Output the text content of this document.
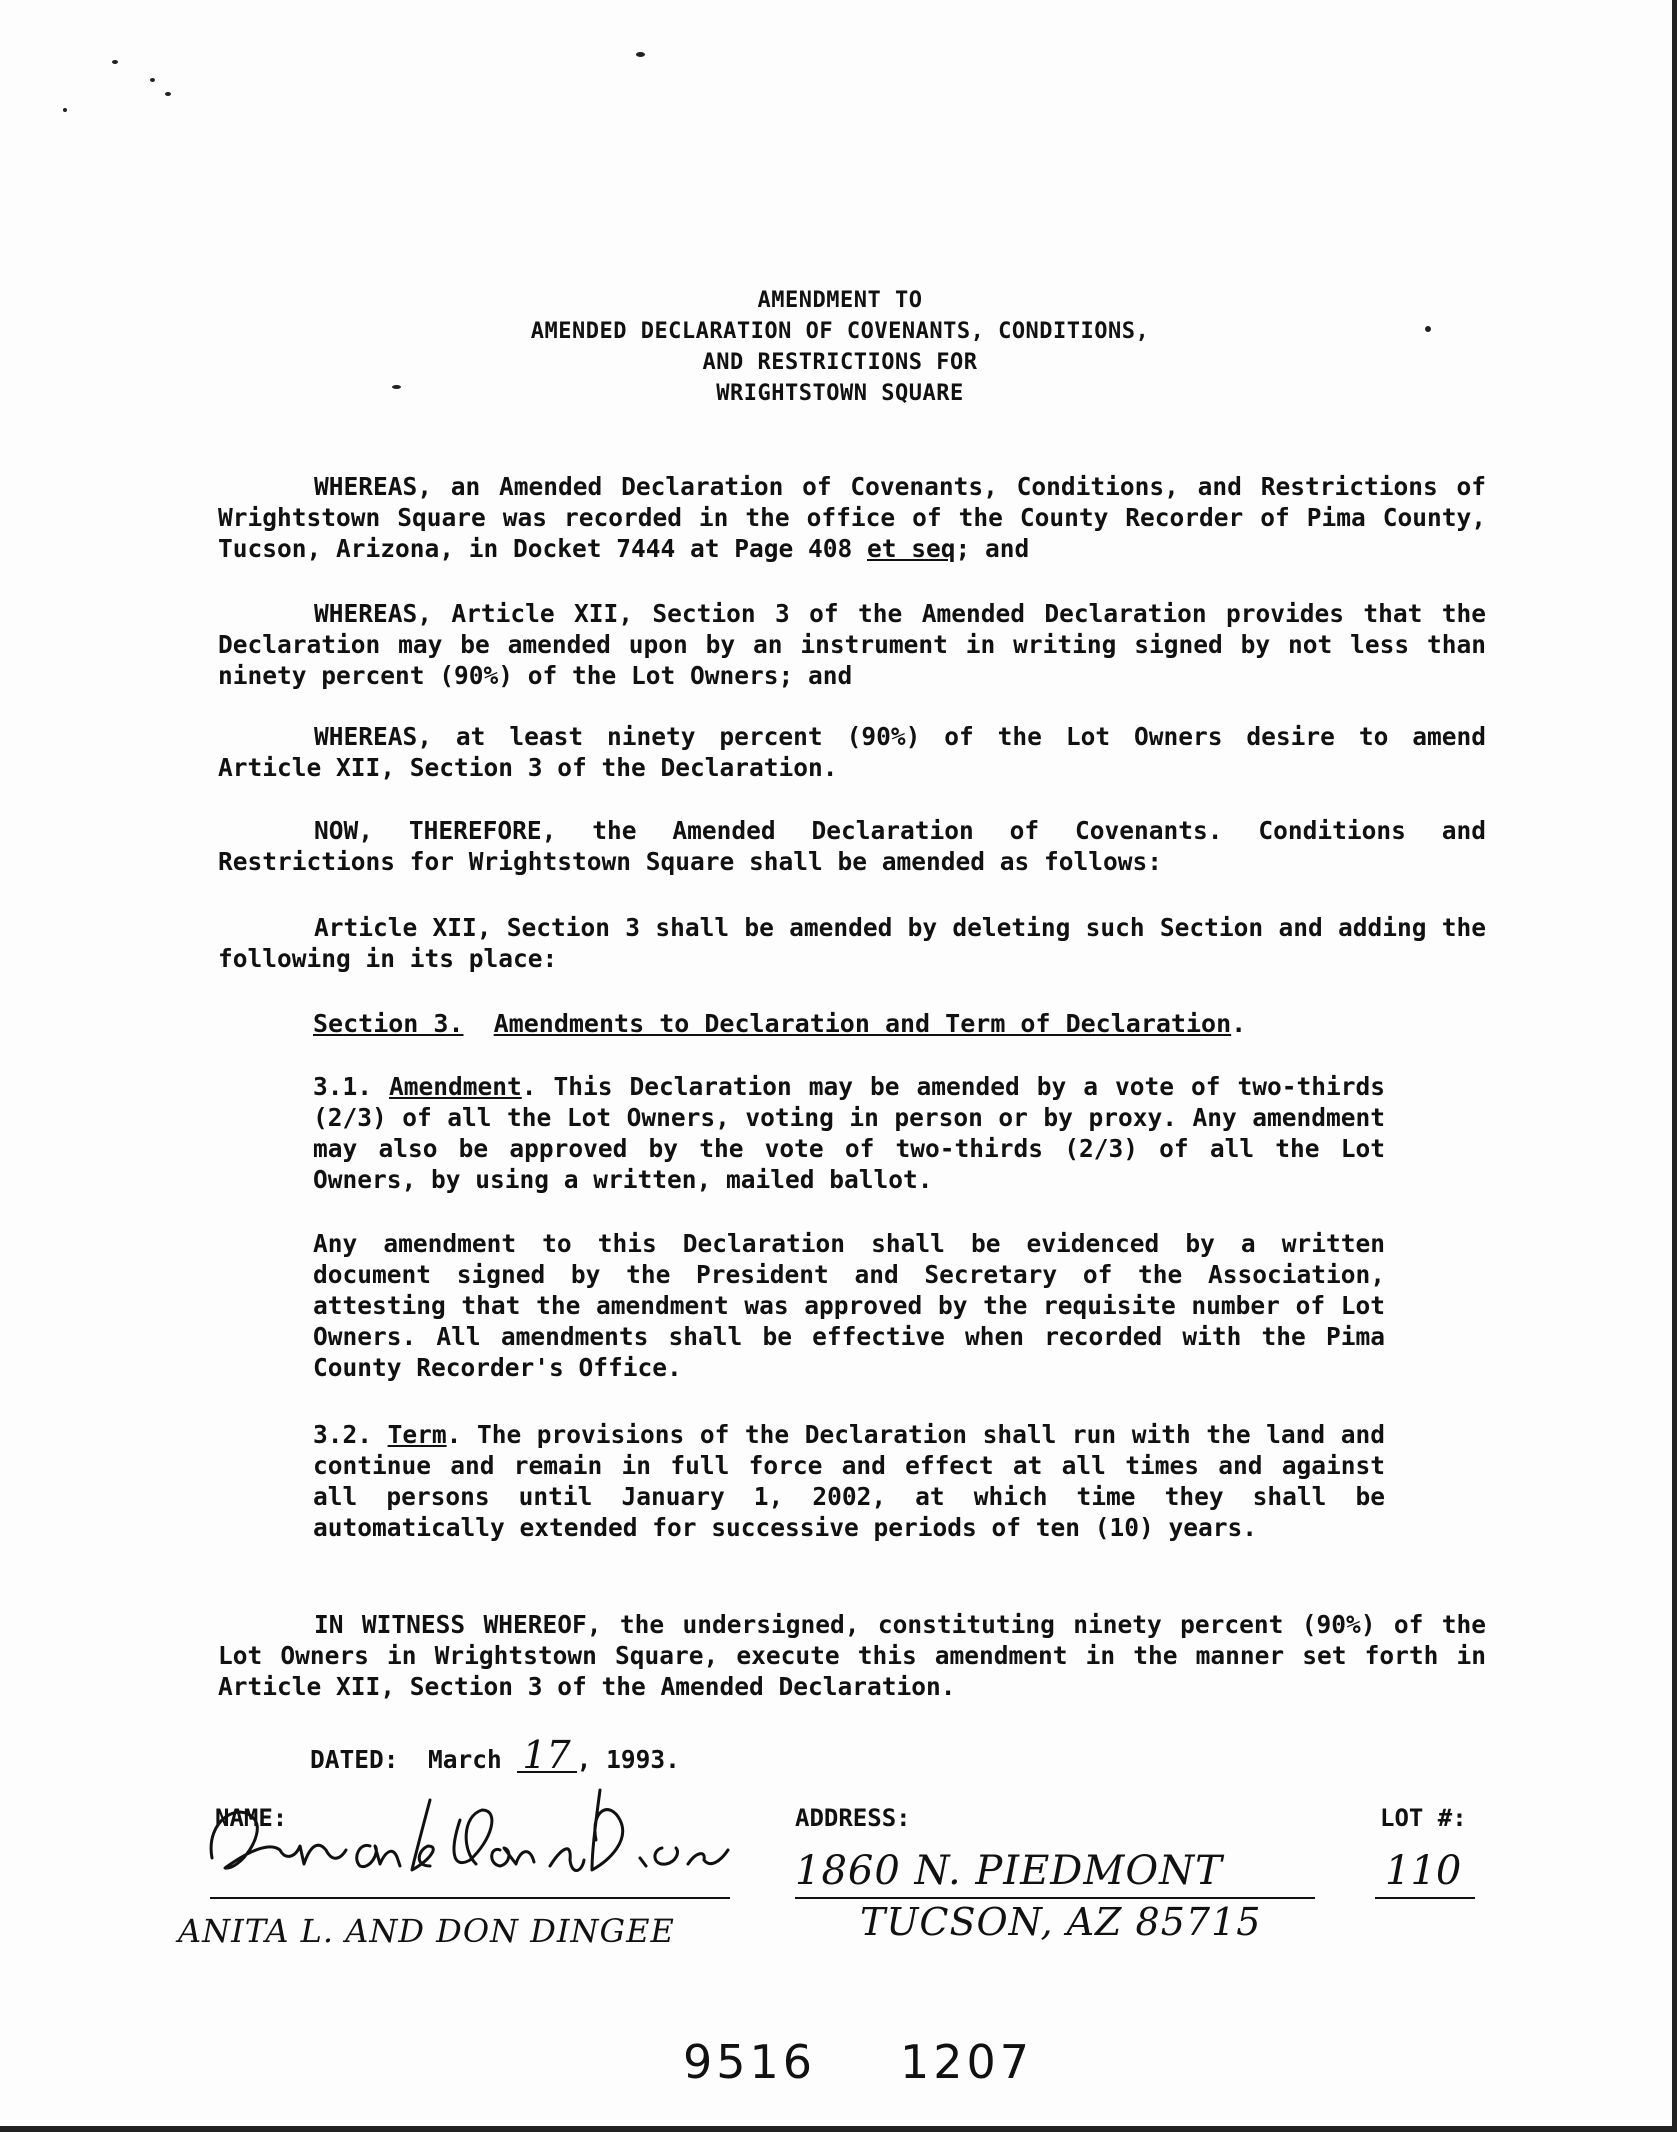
AMENDMENT TO
AMENDED DECLARATION OF COVENANTS, CONDITIONS,
AND RESTRICTIONS FOR
WRIGHTSTOWN SQUARE
WHEREAS, an Amended Declaration of Covenants, Conditions, and Restrictions of Wrightstown Square was recorded in the office of the County Recorder of Pima County, Tucson, Arizona, in Docket 7444 at Page 408 et seq; and
WHEREAS, Article XII, Section 3 of the Amended Declaration provides that the Declaration may be amended upon by an instrument in writing signed by not less than ninety percent (90%) of the Lot Owners; and
WHEREAS, at least ninety percent (90%) of the Lot Owners desire to amend Article XII, Section 3 of the Declaration.
NOW, THEREFORE, the Amended Declaration of Covenants. Conditions and Restrictions for Wrightstown Square shall be amended as follows:
Article XII, Section 3 shall be amended by deleting such Section and adding the following in its place:
Section 3. Amendments to Declaration and Term of Declaration.
3.1. Amendment. This Declaration may be amended by a vote of two-thirds (2/3) of all the Lot Owners, voting in person or by proxy. Any amendment may also be approved by the vote of two-thirds (2/3) of all the Lot Owners, by using a written, mailed ballot.
Any amendment to this Declaration shall be evidenced by a written document signed by the President and Secretary of the Association, attesting that the amendment was approved by the requisite number of Lot Owners. All amendments shall be effective when recorded with the Pima County Recorder's Office.
3.2. Term. The provisions of the Declaration shall run with the land and continue and remain in full force and effect at all times and against all persons until January 1, 2002, at which time they shall be automatically extended for successive periods of ten (10) years.
IN WITNESS WHEREOF, the undersigned, constituting ninety percent (90%) of the Lot Owners in Wrightstown Square, execute this amendment in the manner set forth in Article XII, Section 3 of the Amended Declaration.
DATED: March 17 , 1993.
NAME:	ADDRESS:	LOT #:
ANITA L. AND DON DINGEE
1860 N. PIEDMONT
TUCSON, AZ 85715
110
9516 1207
